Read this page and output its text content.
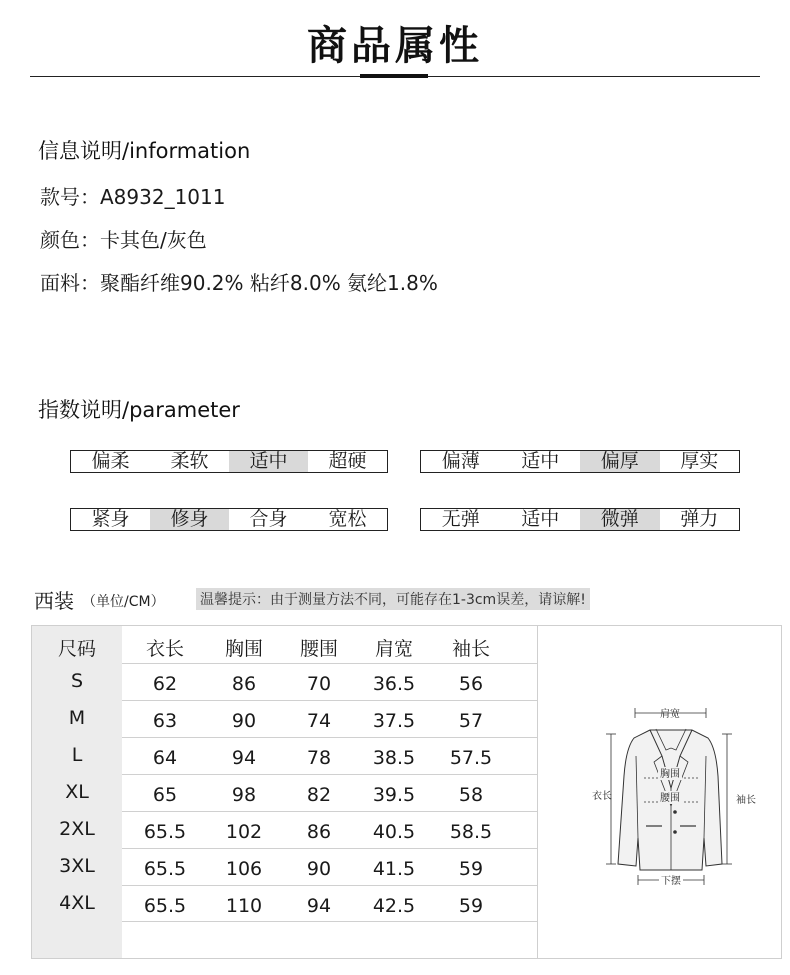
商品属性
信息说明/information
款号：A8932_1011
颜色：卡其色/灰色
面料：聚酯纤维90.2% 粘纤8.0% 氨纶1.8%
指数说明/parameter
偏柔	柔软	适中	超硬	偏薄	适中	偏厚	厚实
紧身	修身	合身	宽松	无弹	适中	微弹	弹力
西装 （单位/CM）	温馨提示：由于测量方法不同，可能存在1-3cm误差，请谅解!
尺码	衣长	胸围	腰围	肩宽	袖长
S	62	86	70	36.5	56
M	63	90	74	37.5	57
L	64	94	78	38.5	57.5
XL	65	98	82	39.5	58
2XL	65.5	102	86	40.5	58.5
3XL	65.5	106	90	41.5	59
4XL	65.5	110	94	42.5	59
肩宽
衣长	袖长
胸围
腰围
下摆
